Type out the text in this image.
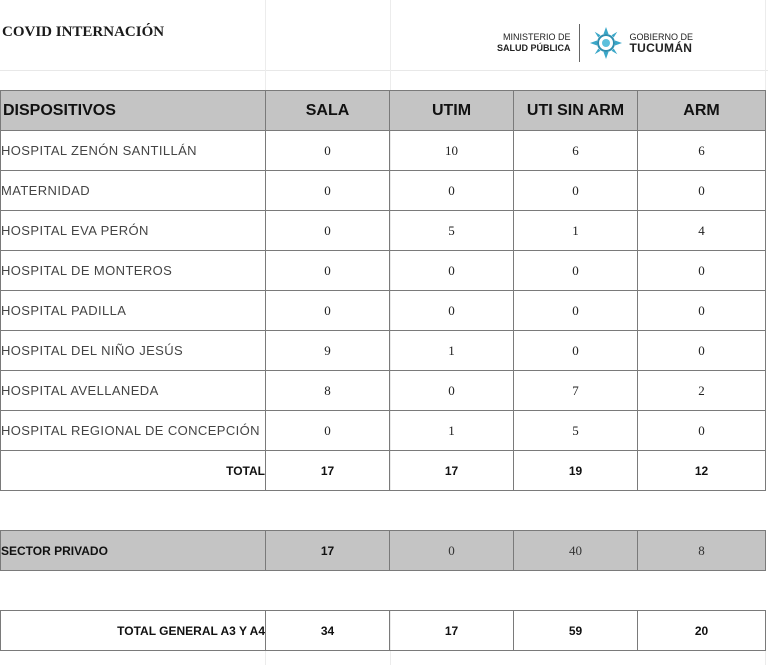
COVID INTERNACIÓN	MINISTERIO DE
SALUD PÚBLICA
GOBIERNO DE
TUCUMÁN
DISPOSITIVOS	SALA	UTIM	UTI SIN ARM	ARM
HOSPITAL ZENÓN SANTILLÁN	0	10	6	6
MATERNIDAD	0	0	0	0
HOSPITAL EVA PERÓN	0	5	1	4
HOSPITAL DE MONTEROS	0	0	0	0
HOSPITAL PADILLA	0	0	0	0
HOSPITAL DEL NIÑO JESÚS	9	1	0	0
HOSPITAL AVELLANEDA	8	0	7	2
HOSPITAL REGIONAL DE CONCEPCIÓN	0	1	5	0
TOTAL	17	17	19	12

SECTOR PRIVADO	17	0	40	8

TOTAL GENERAL A3 Y A4	34	17	59	20
